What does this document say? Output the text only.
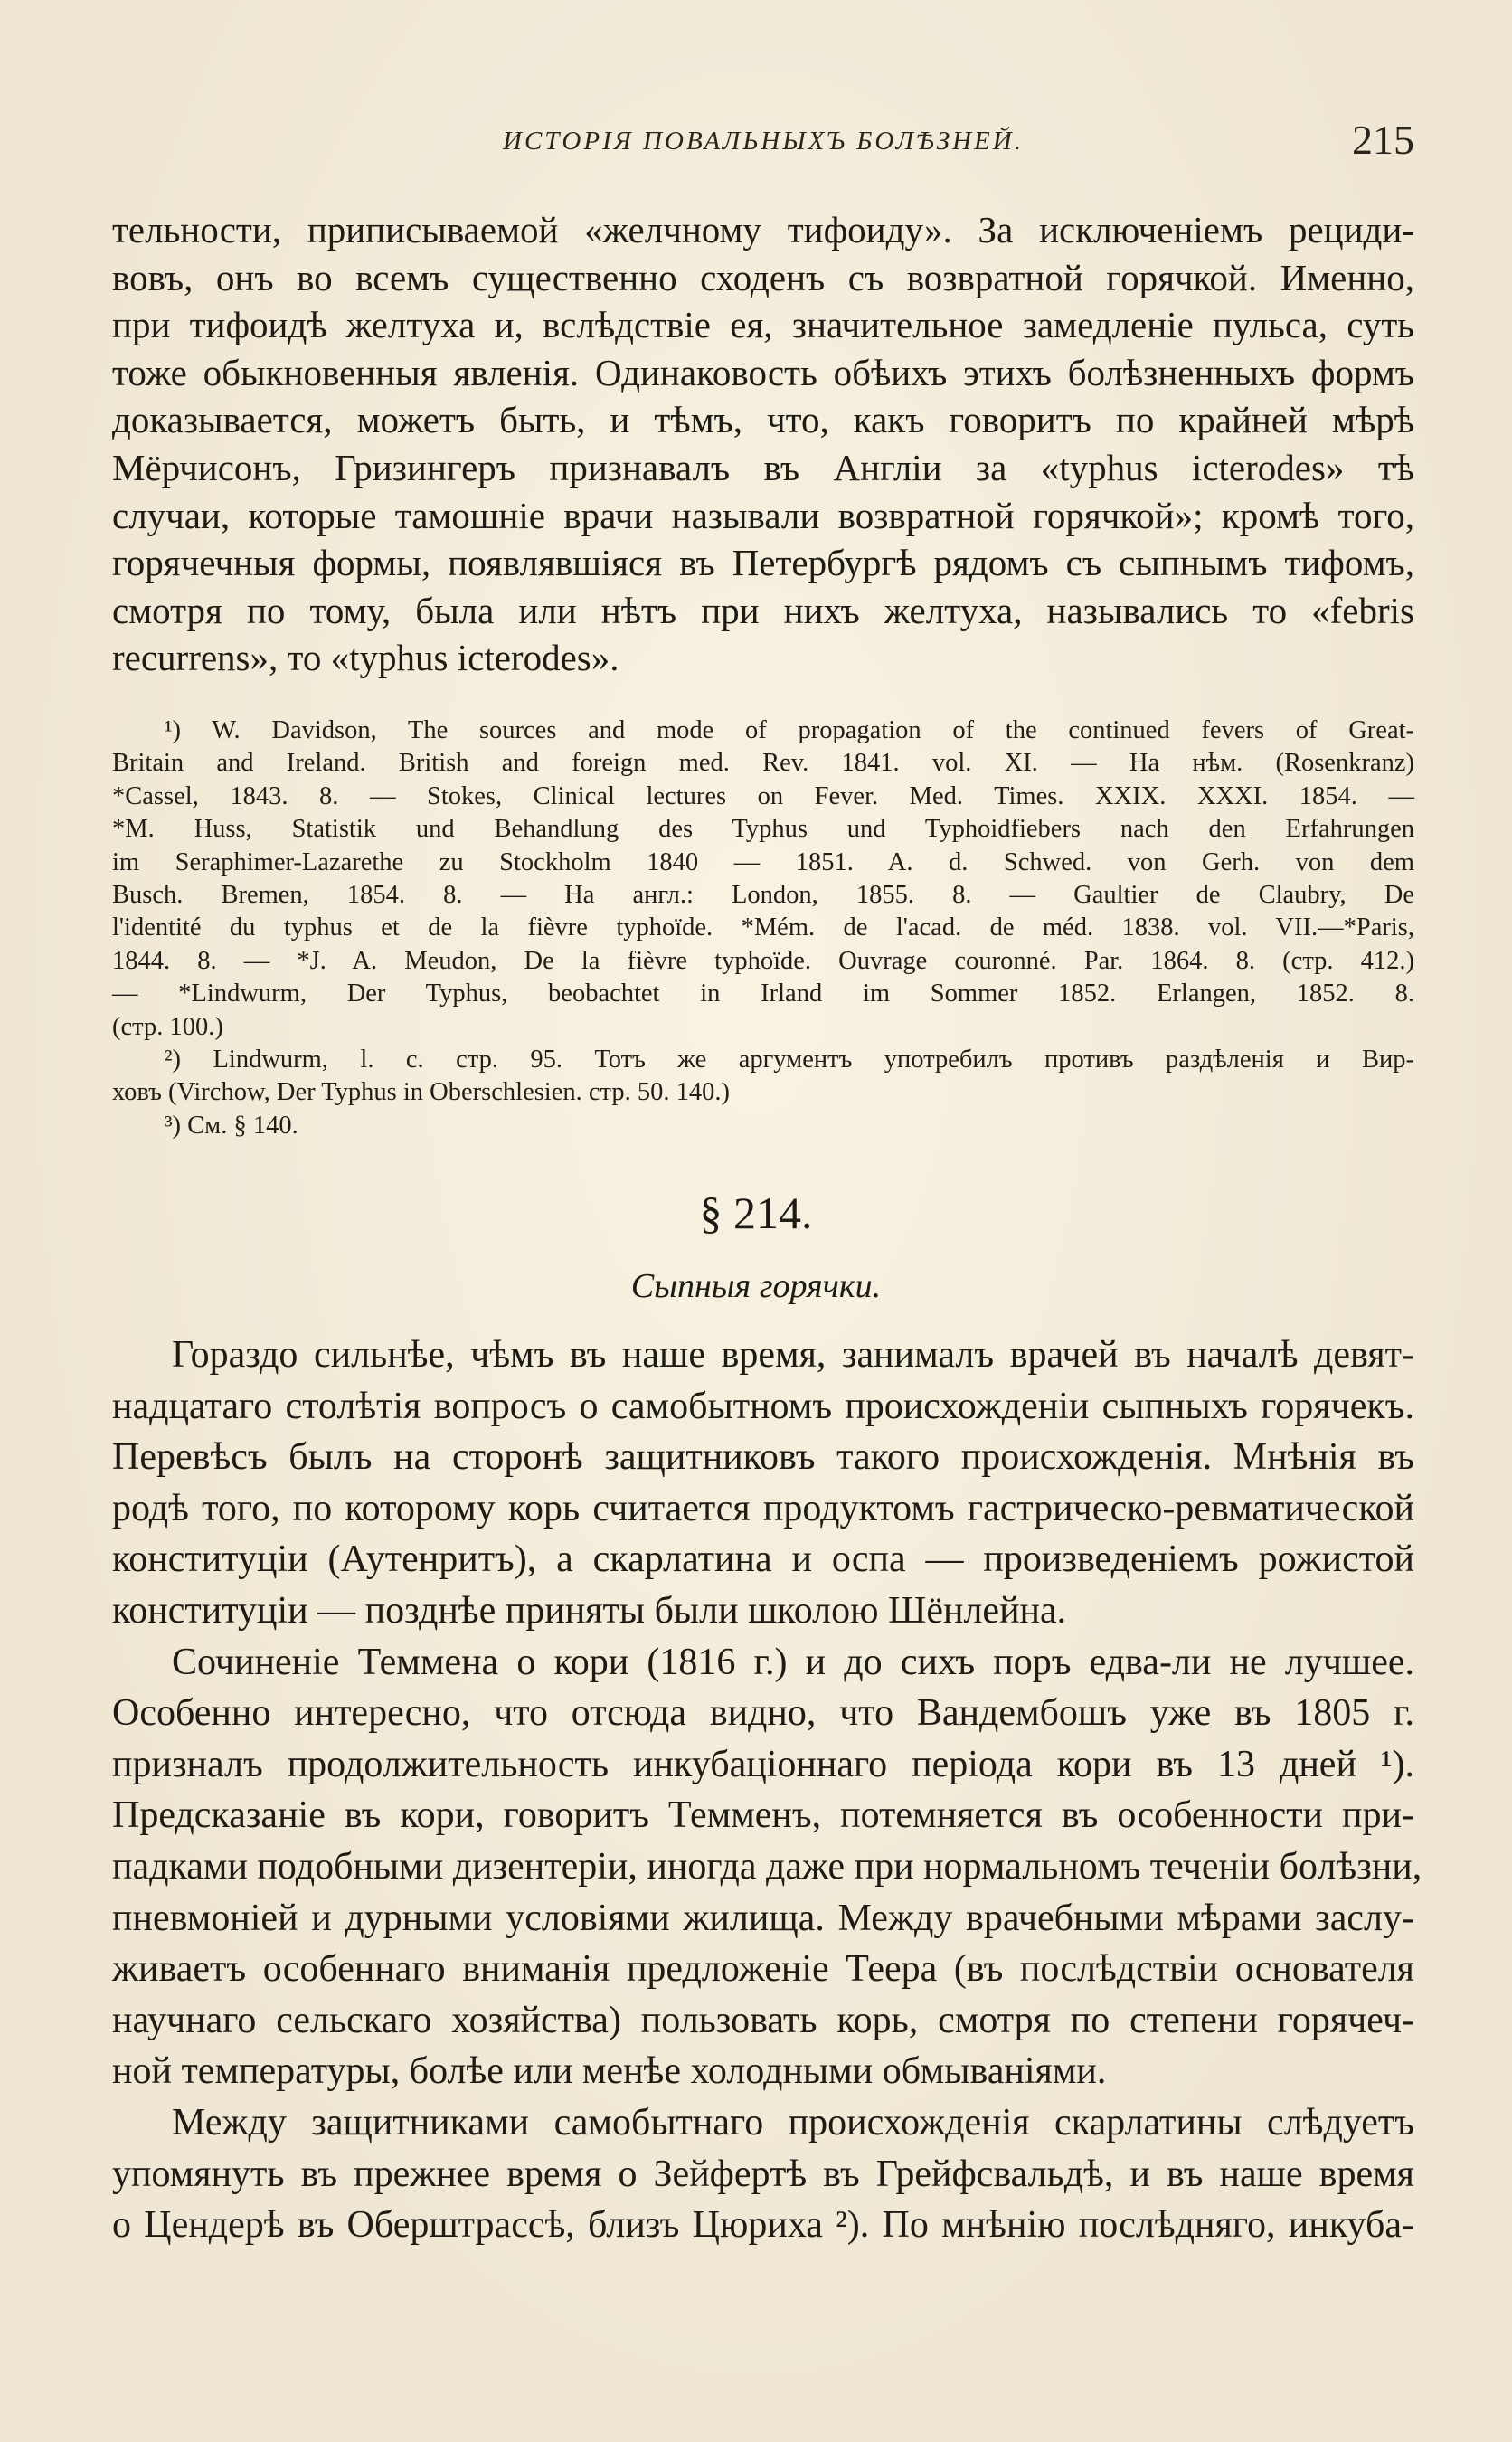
ИСТОРІЯ ПОВАЛЬНЫХЪ БОЛѢЗНЕЙ.	215
тельности, приписываемой «желчному тифоиду». За исключеніемъ рециди-
вовъ, онъ во всемъ существенно сходенъ съ возвратной горячкой. Именно,
при тифоидѣ желтуха и, вслѣдствіе ея, значительное замедленіе пульса, суть
тоже обыкновенныя явленія. Одинаковость обѣихъ этихъ болѣзненныхъ формъ
доказывается, можетъ быть, и тѣмъ, что, какъ говоритъ по крайней мѣрѣ
Мёрчисонъ, Гризингеръ признавалъ въ Англіи за «typhus icterodes» тѣ
случаи, которые тамошніе врачи называли возвратной горячкой»; кромѣ того,
горячечныя формы, появлявшіяся въ Петербургѣ рядомъ съ сыпнымъ тифомъ,
смотря по тому, была или нѣтъ при нихъ желтуха, назывались то «febris
recurrens», то «typhus icterodes».
¹) W. Davidson, The sources and mode of propagation of the continued fevers of Great-
Britain and Ireland. British and foreign med. Rev. 1841. vol. XI. — На нѣм. (Rosenkranz)
*Cassel, 1843. 8. — Stokes, Clinical lectures on Fever. Med. Times. XXIX. XXXI. 1854. —
*M. Huss, Statistik und Behandlung des Typhus und Typhoidfiebers nach den Erfahrungen
im Seraphimer-Lazarethe zu Stockholm 1840 — 1851. A. d. Schwed. von Gerh. von dem
Busch. Bremen, 1854. 8. — На англ.: London, 1855. 8. — Gaultier de Claubry, De
l'identité du typhus et de la fièvre typhoïde. *Mém. de l'acad. de méd. 1838. vol. VII.—*Paris,
1844. 8. — *J. A. Meudon, De la fièvre typhoïde. Ouvrage couronné. Par. 1864. 8. (стр. 412.)
— *Lindwurm, Der Typhus, beobachtet in Irland im Sommer 1852. Erlangen, 1852. 8.
(стр. 100.)
²) Lindwurm, l. c. стр. 95. Тотъ же аргументъ употребилъ противъ раздѣленія и Вир-
ховъ (Virchow, Der Typhus in Oberschlesien. стр. 50. 140.)
³) См. § 140.
§ 214.
Сыпныя горячки.
Гораздо сильнѣе, чѣмъ въ наше время, занималъ врачей въ началѣ девят-
надцатаго столѣтія вопросъ о самобытномъ происхожденіи сыпныхъ горячекъ.
Перевѣсъ былъ на сторонѣ защитниковъ такого происхожденія. Мнѣнія въ
родѣ того, по которому корь считается продуктомъ гастрическо-ревматической
конституціи (Аутенритъ), а скарлатина и оспа — произведеніемъ рожистой
конституціи — позднѣе приняты были школою Шёнлейна.
Сочиненіе Теммена о кори (1816 г.) и до сихъ поръ едва-ли не лучшее.
Особенно интересно, что отсюда видно, что Вандембошъ уже въ 1805 г.
призналъ продолжительность инкубаціоннаго періода кори въ 13 дней ¹).
Предсказаніе въ кори, говоритъ Темменъ, потемняется въ особенности при-
падками подобными дизентеріи, иногда даже при нормальномъ теченіи болѣзни,
пневмоніей и дурными условіями жилища. Между врачебными мѣрами заслу-
живаетъ особеннаго вниманія предложеніе Теера (въ послѣдствіи основателя
научнаго сельскаго хозяйства) пользовать корь, смотря по степени горячеч-
ной температуры, болѣе или менѣе холодными обмываніями.
Между защитниками самобытнаго происхожденія скарлатины слѣдуетъ
упомянуть въ прежнее время о Зейфертѣ въ Грейфсвальдѣ, и въ наше время
о Цендерѣ въ Оберштрассѣ, близъ Цюриха ²). По мнѣнію послѣдняго, инкуба-
